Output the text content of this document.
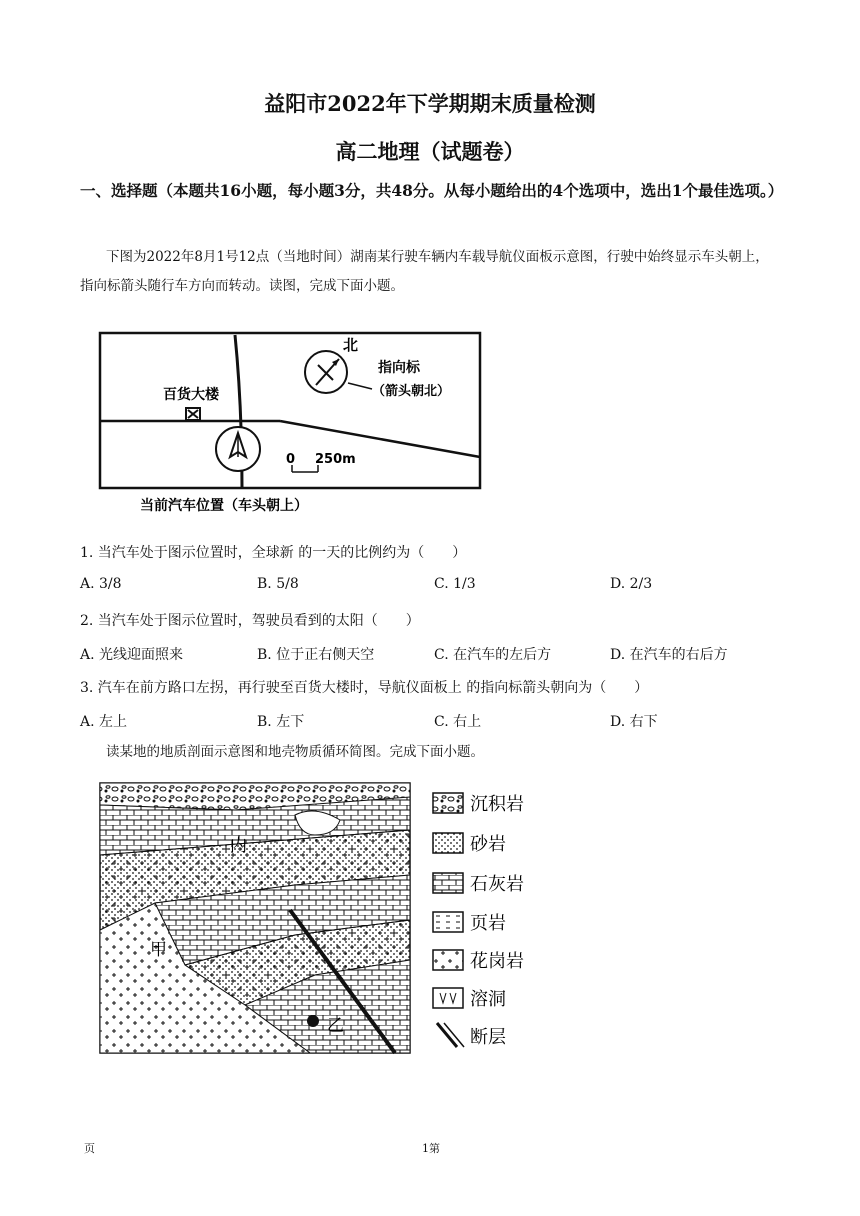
益阳市2022年下学期期末质量检测
高二地理（试题卷）
一、选择题（本题共16小题，每小题3分，共48分。从每小题给出的4个选项中，选出1个最佳选项。）
下图为2022年8月1号12点（当地时间）湖南某行驶车辆内车载导航仪面板示意图，行驶中始终显示车头朝上，指向标箭头随行车方向而转动。读图，完成下面小题。
百货大楼
北
指向标
（箭头朝北）
0 250m
当前汽车位置（车头朝上）
1. 当汽车处于图示位置时，全球新 的一天的比例约为（　　）
A. 3/8	B. 5/8	C. 1/3	D. 2/3
2. 当汽车处于图示位置时，驾驶员看到的太阳（　　）
A. 光线迎面照来	B. 位于正右侧天空	C. 在汽车的左后方	D. 在汽车的右后方
3. 汽车在前方路口左拐，再行驶至百货大楼时，导航仪面板上 的指向标箭头朝向为（　　）
A. 左上	B. 左下	C. 右上	D. 右下
读某地的地质剖面示意图和地壳物质循环简图。完成下面小题。
内
甲
乙
沉积岩
砂岩
石灰岩
页岩
花岗岩
溶洞
断层
页	1第
